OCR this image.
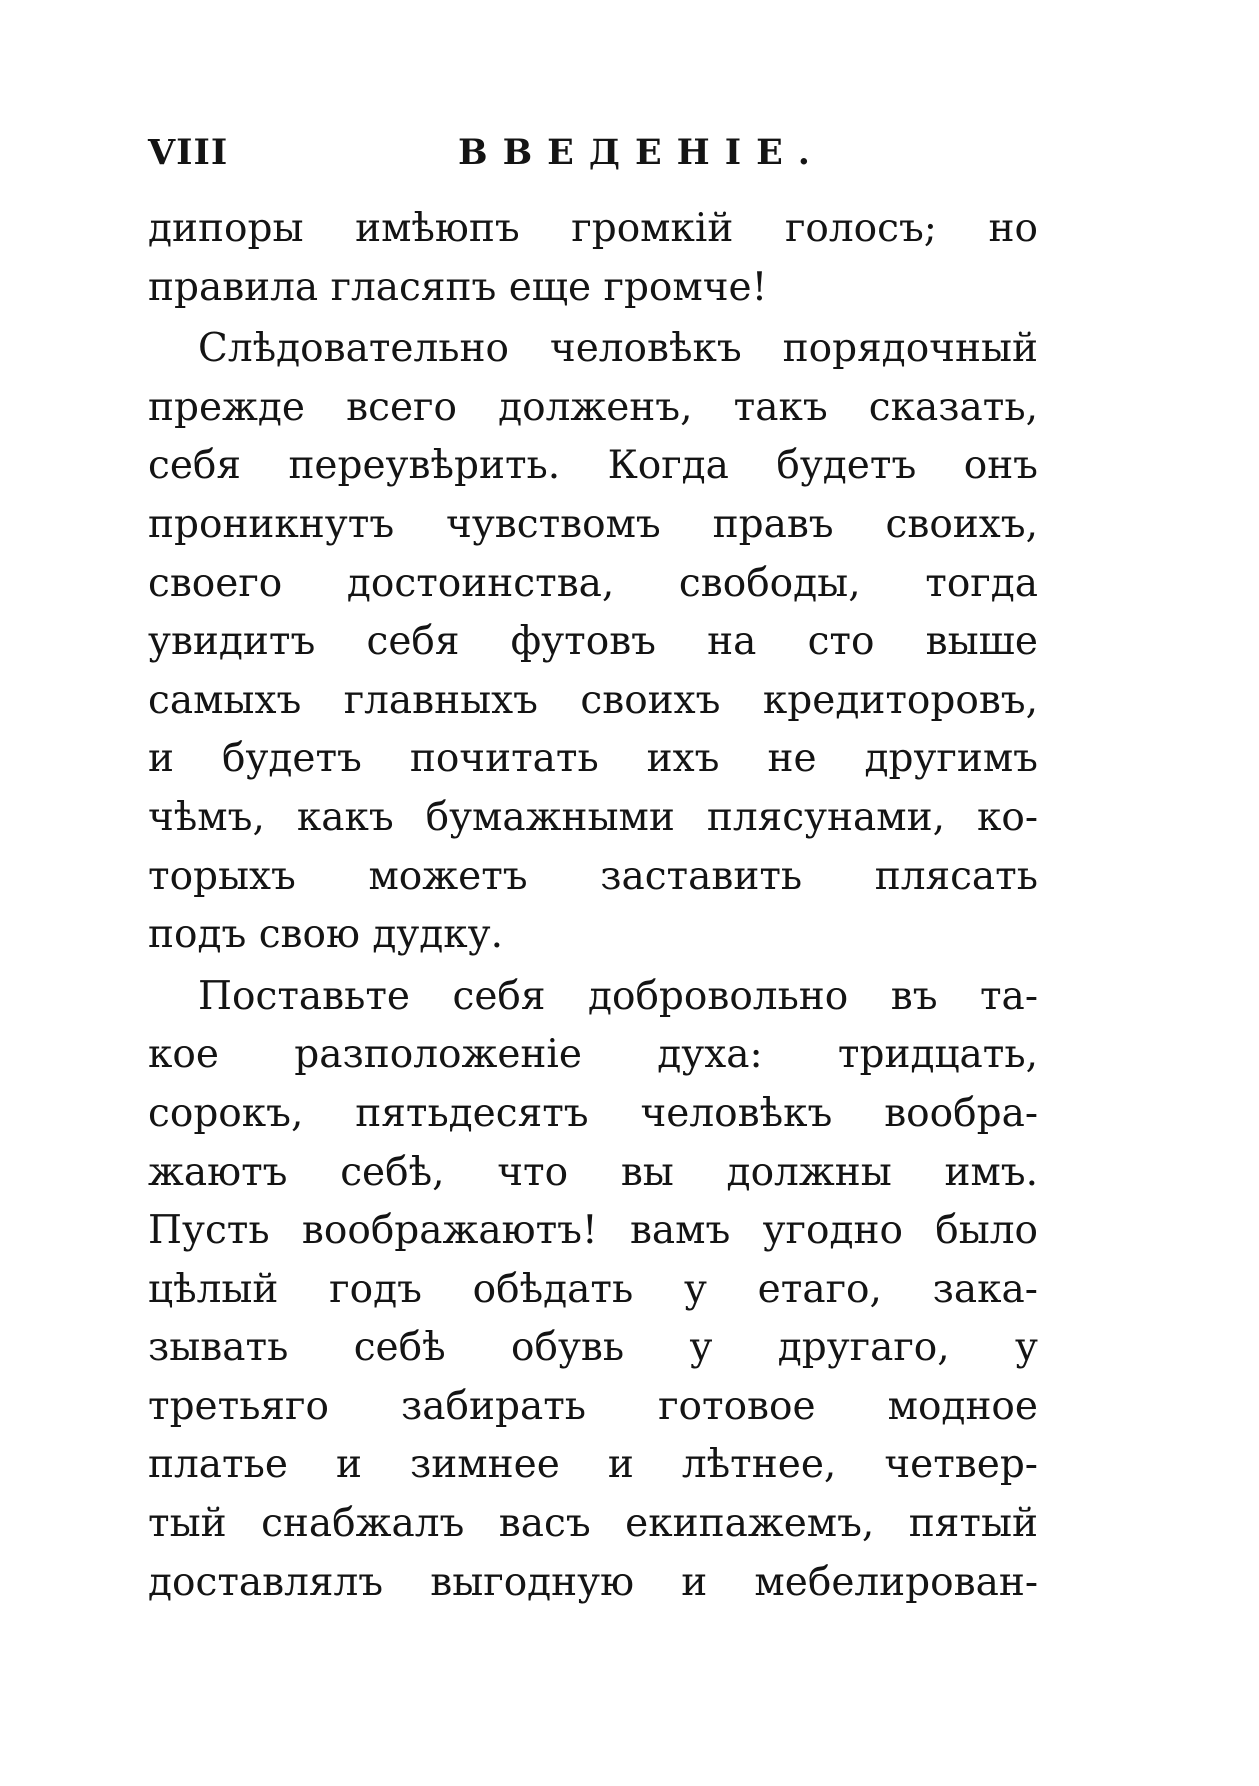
VIII	ВВЕДЕНІЕ.
дипоры имѣюпъ громкій голосъ; но
правила гласяпъ еще громче!
Слѣдовательно человѣкъ порядочный
прежде всего долженъ, такъ сказать,
себя переувѣрить. Когда будетъ онъ
проникнутъ чувствомъ правъ своихъ,
своего достоинства, свободы, тогда
увидитъ себя футовъ на сто выше
самыхъ главныхъ своихъ кредиторовъ,
и будетъ почитать ихъ не другимъ
чѣмъ, какъ бумажными плясунами, ко-
торыхъ можетъ заставить плясать
подъ свою дудку.
Поставьте себя добровольно въ та-
кое разположеніе духа: тридцать,
сорокъ, пятьдесятъ человѣкъ вообра-
жаютъ себѣ, что вы должны имъ.
Пусть воображаютъ! вамъ угодно было
цѣлый годъ обѣдать у етаго, зака-
зывать себѣ обувь у другаго, у
третьяго забирать готовое модное
платье и зимнее и лѣтнее, четвер-
тый снабжалъ васъ екипажемъ, пятый
доставлялъ выгодную и мебелирован-
